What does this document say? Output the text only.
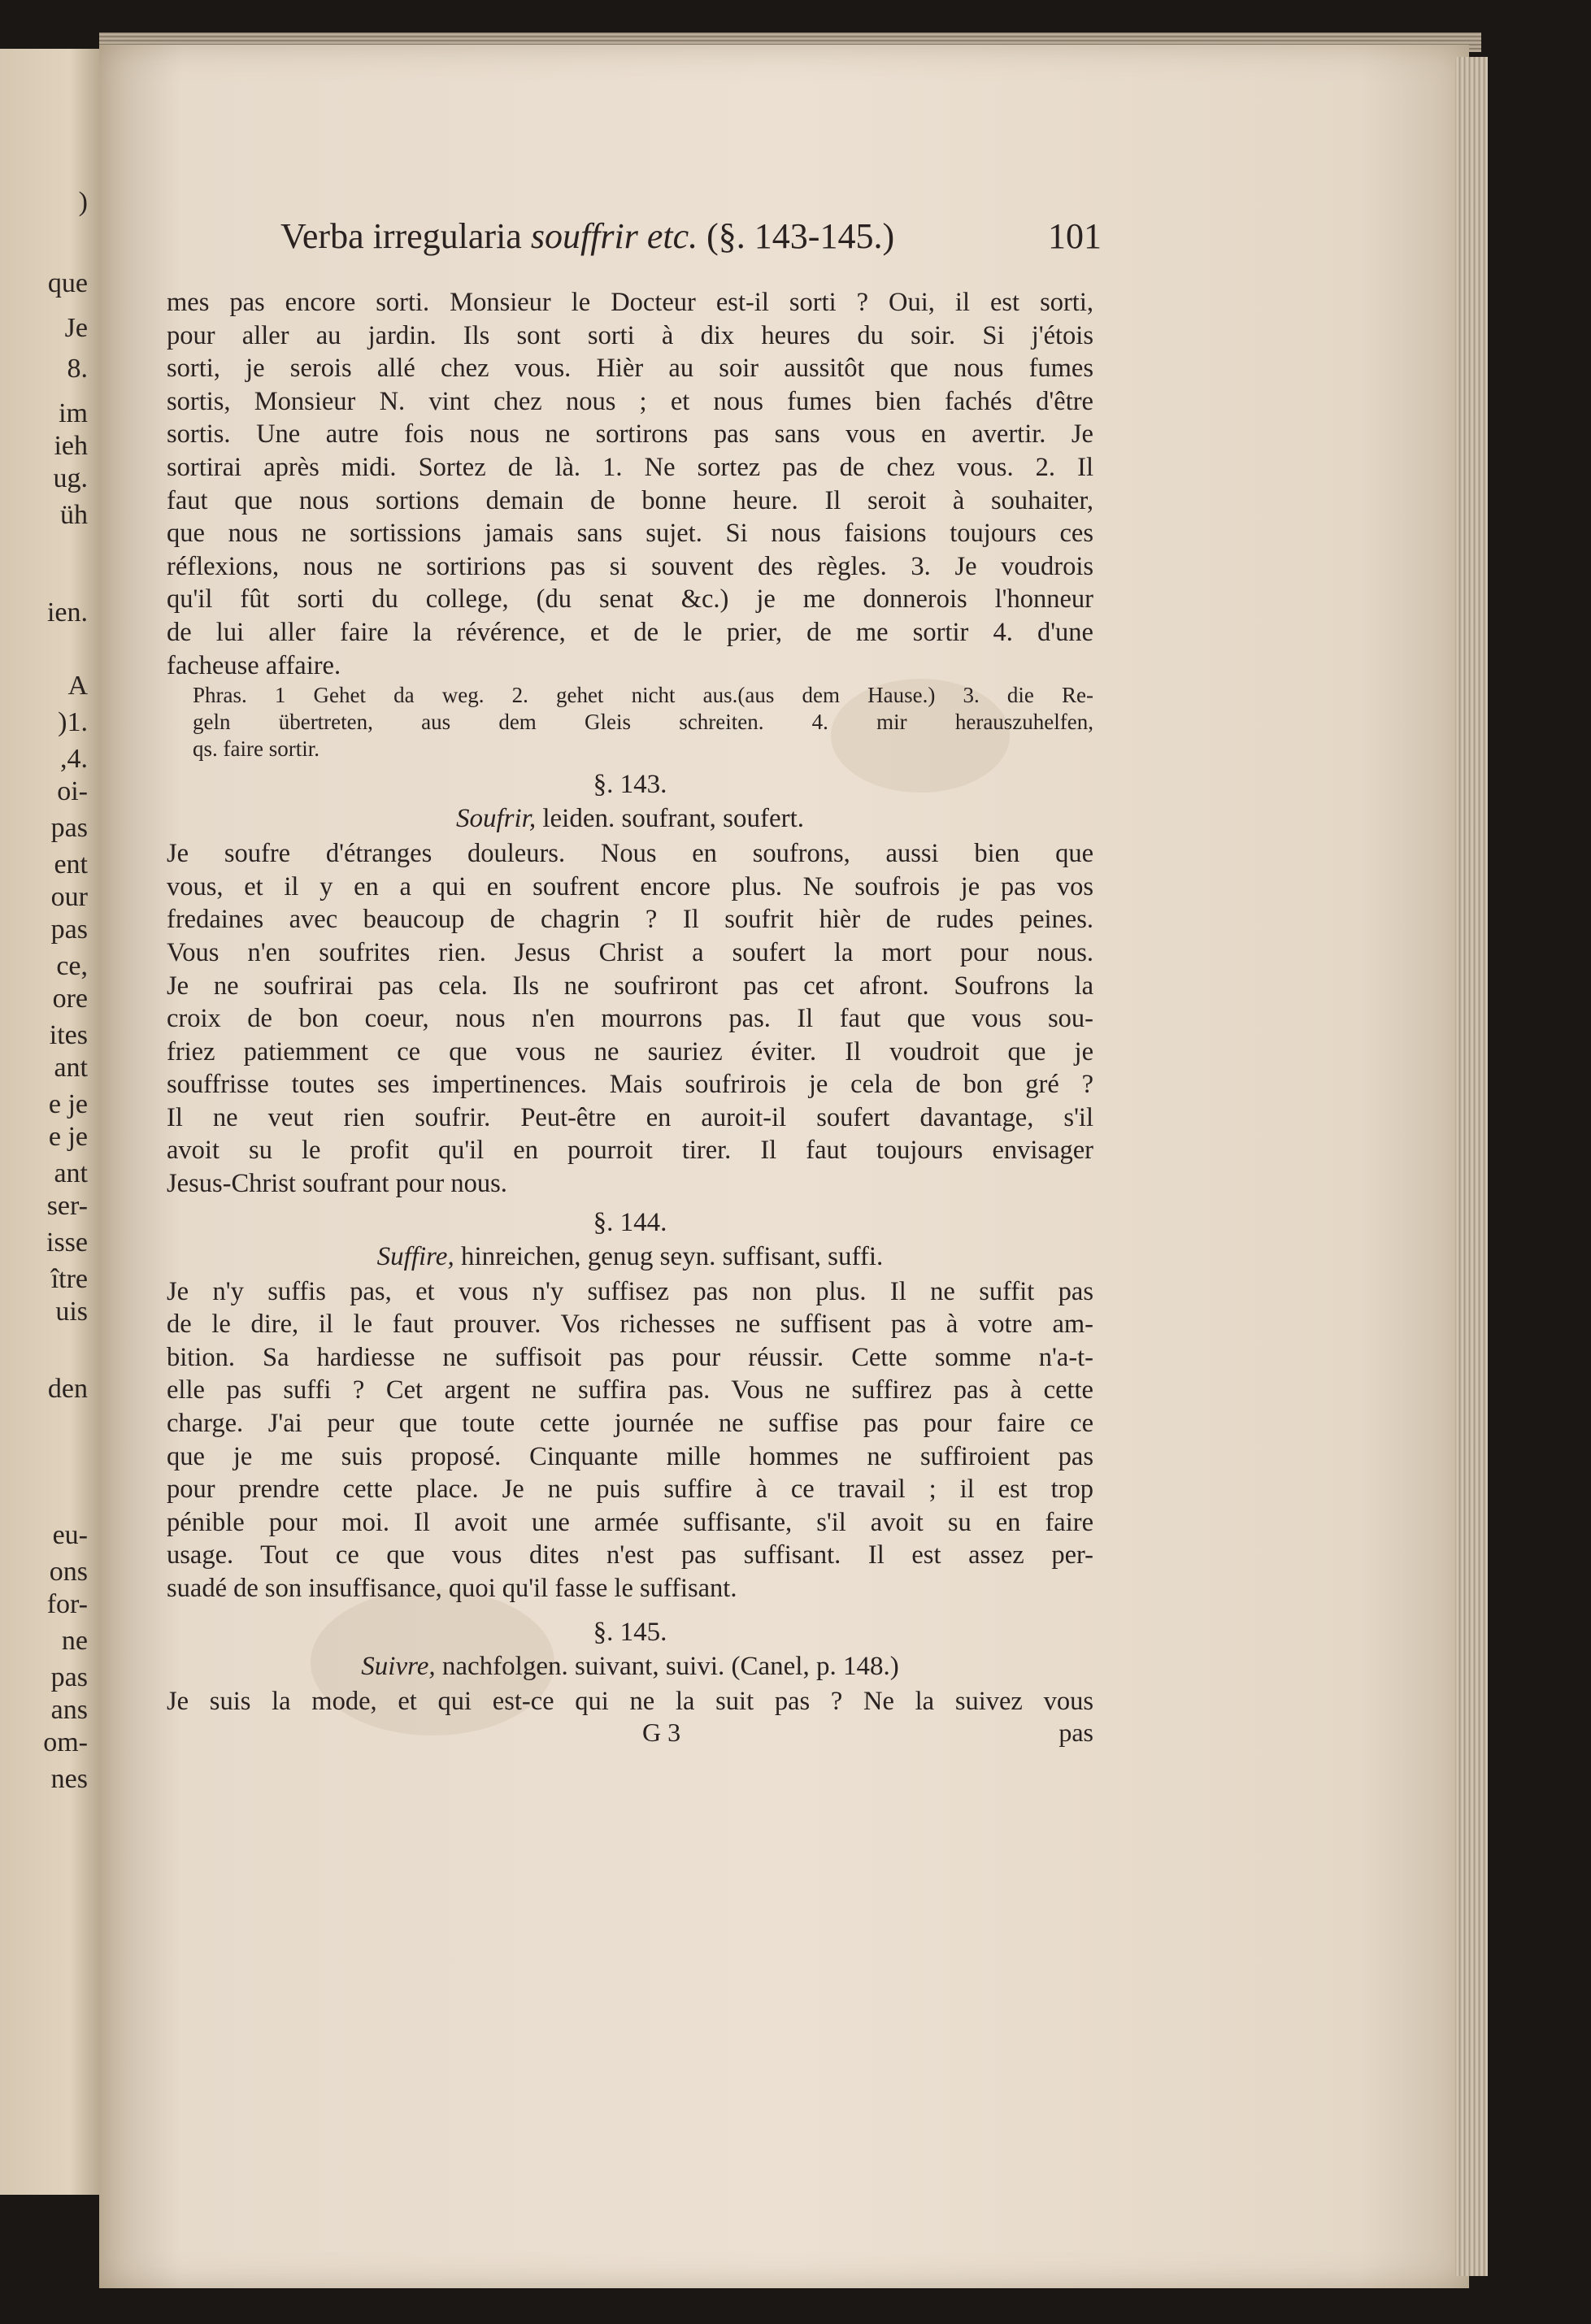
)
que
Je
8.
im
ieh
ug.
üh
ien.
A
)1.
,4.
oi-
pas
ent
our
pas
ce,
ore
ites
ant
e je
e je
ant
ser-
isse
ître
uis
den
eu-
ons
for-
ne
pas
ans
om-
nes
Verba irregularia souffrir etc. (§. 143-145.)	101
mes pas encore sorti. Monsieur le Docteur est-il sorti ? Oui, il est sorti,
pour aller au jardin. Ils sont sorti à dix heures du soir. Si j'étois
sorti, je serois allé chez vous. Hièr au soir aussitôt que nous fumes
sortis, Monsieur N. vint chez nous ; et nous fumes bien fachés d'être
sortis. Une autre fois nous ne sortirons pas sans vous en avertir. Je
sortirai après midi. Sortez de là. 1. Ne sortez pas de chez vous. 2. Il
faut que nous sortions demain de bonne heure. Il seroit à souhaiter,
que nous ne sortissions jamais sans sujet. Si nous faisions toujours ces
réflexions, nous ne sortirions pas si souvent des règles. 3. Je voudrois
qu'il fût sorti du college, (du senat &c.) je me donnerois l'honneur
de lui aller faire la révérence, et de le prier, de me sortir 4. d'une
facheuse affaire.
Phras. 1 Gehet da weg. 2. gehet nicht aus.(aus dem Hause.) 3. die Re-
geln übertreten, aus dem Gleis schreiten. 4. mir herauszuhelfen,
qs. faire sortir.
§. 143.
Soufrir, leiden. soufrant, soufert.
Je soufre d'étranges douleurs. Nous en soufrons, aussi bien que
vous, et il y en a qui en soufrent encore plus. Ne soufrois je pas vos
fredaines avec beaucoup de chagrin ? Il soufrit hièr de rudes peines.
Vous n'en soufrites rien. Jesus Christ a soufert la mort pour nous.
Je ne soufrirai pas cela. Ils ne soufriront pas cet afront. Soufrons la
croix de bon coeur, nous n'en mourrons pas. Il faut que vous sou-
friez patiemment ce que vous ne sauriez éviter. Il voudroit que je
souffrisse toutes ses impertinences. Mais soufrirois je cela de bon gré ?
Il ne veut rien soufrir. Peut-être en auroit-il soufert davantage, s'il
avoit su le profit qu'il en pourroit tirer. Il faut toujours envisager
Jesus-Christ soufrant pour nous.
§. 144.
Suffire, hinreichen, genug seyn. suffisant, suffi.
Je n'y suffis pas, et vous n'y suffisez pas non plus. Il ne suffit pas
de le dire, il le faut prouver. Vos richesses ne suffisent pas à votre am-
bition. Sa hardiesse ne suffisoit pas pour réussir. Cette somme n'a-t-
elle pas suffi ? Cet argent ne suffira pas. Vous ne suffirez pas à cette
charge. J'ai peur que toute cette journée ne suffise pas pour faire ce
que je me suis proposé. Cinquante mille hommes ne suffiroient pas
pour prendre cette place. Je ne puis suffire à ce travail ; il est trop
pénible pour moi. Il avoit une armée suffisante, s'il avoit su en faire
usage. Tout ce que vous dites n'est pas suffisant. Il est assez per-
suadé de son insuffisance, quoi qu'il fasse le suffisant.
§. 145.
Suivre, nachfolgen. suivant, suivi. (Canel, p. 148.)
Je suis la mode, et qui est-ce qui ne la suit pas ? Ne la suivez vous
G 3	pas
